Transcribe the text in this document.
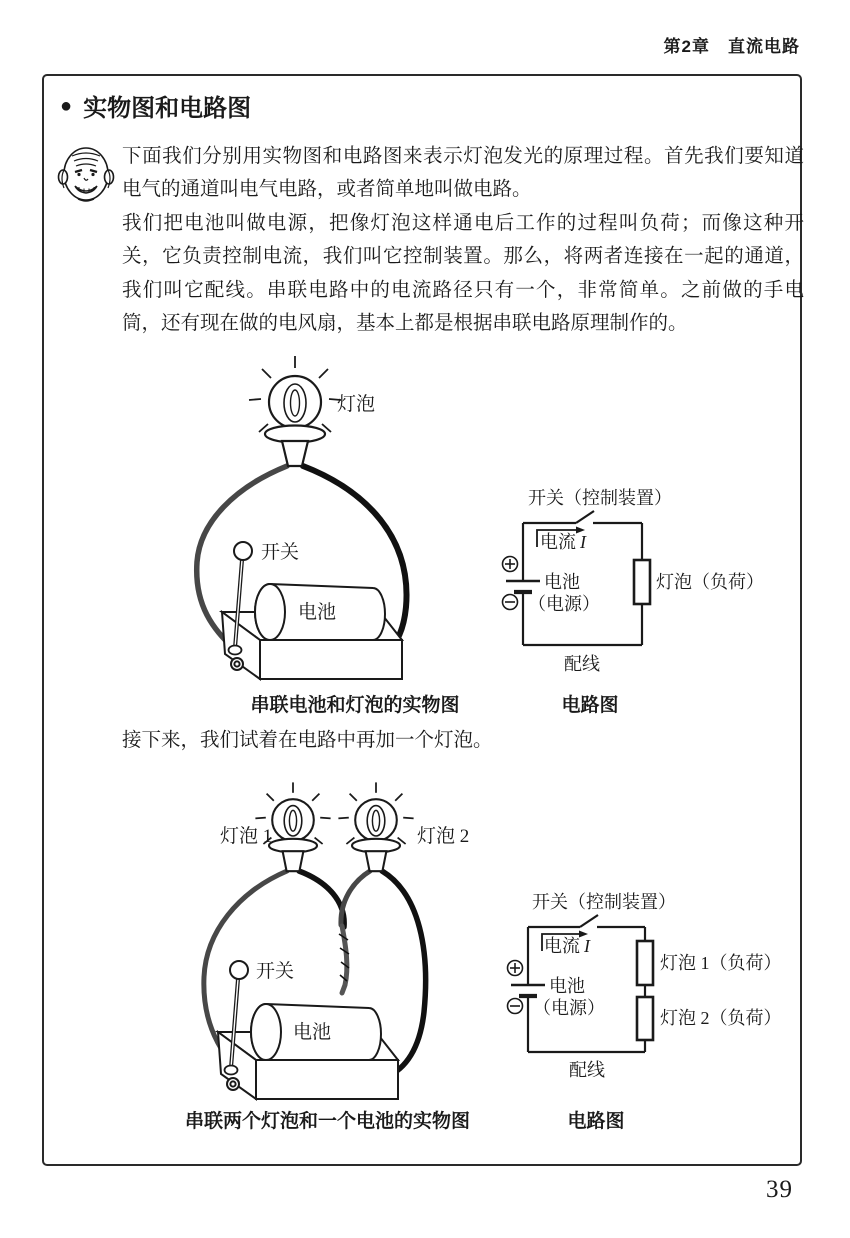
第2章　直流电路
● 实物图和电路图

下面我们分别用实物图和电路图来表示灯泡发光的原理过程。首先我们要知道电气的通道叫电气电路，或者简单地叫做电路。

我们把电池叫做电源，把像灯泡这样通电后工作的过程叫负荷；而像这种开关，它负责控制电流，我们叫它控制装置。那么，将两者连接在一起的通道，我们叫它配线。串联电路中的电流路径只有一个，非常简单。之前做的手电筒，还有现在做的电风扇，基本上都是根据串联电路原理制作的。

接下来，我们试着在电路中再加一个灯泡。
电池
开关
灯泡
开关（控制装置）
电流 I
灯泡（负荷）
电池
（电源）
配线
串联电池和灯泡的实物图	电路图
电池
开关
灯泡 1	灯泡 2
开关（控制装置）
电流 I
灯泡 1（负荷）
灯泡 2（负荷）
电池
（电源）
配线
串联两个灯泡和一个电池的实物图	电路图
39
